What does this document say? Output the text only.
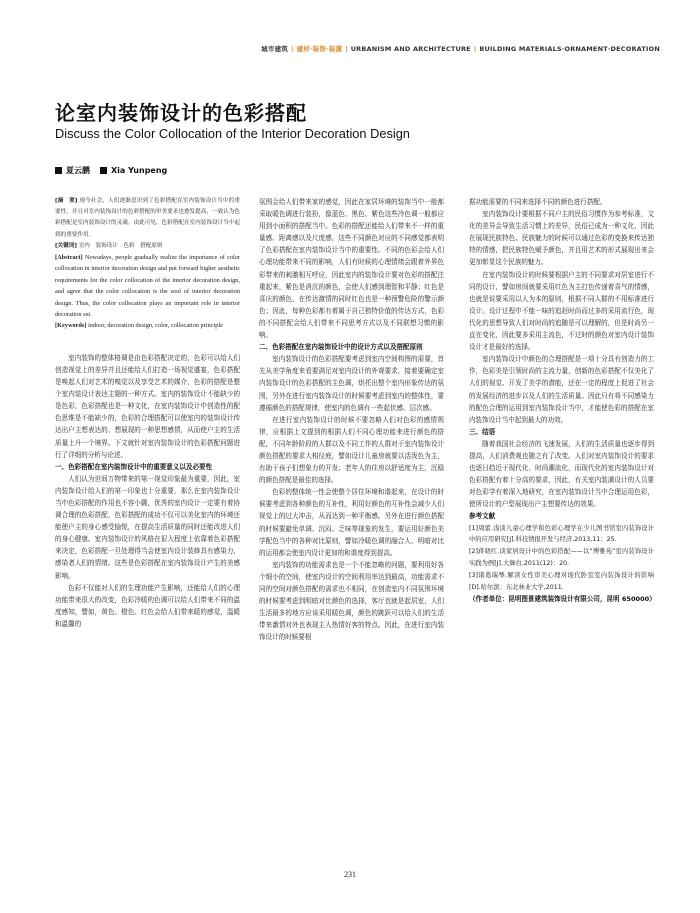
城市建筑 | 建材·装饰·装潢 | URBANISM AND ARCHITECTURE | BUILDING MATERIALS·ORNAMENT·DECORATION
论室内装饰设计的色彩搭配
Discuss the Color Collocation of the Interior Decoration Design
夏云鹏	Xia Yunpeng

[摘　要] 现今社会，人们逐渐意识到了色彩搭配在室内装饰设计当中的重要性，并且对室内装饰设计的色彩搭配的审美要求也愈发提高，一致认为色彩搭配是室内装饰设计的灵魂。由此可见，色彩搭配在室内装饰设计当中起到的重要作用。

[关键词] 室内　装饰设计　色彩　搭配原则

[Abstract] Nowadays, people gradually realize the importance of color collocation in interior decoration design and put forward higher aesthetic requirements for the color collocation of the interior decoration design, and agree that the color collocation is the soul of interior decoration design. Thus, the color collocation plays an important role in interior decoration set.

[Keywords] indoor, decoration design, color, collocation principle

室内装饰的整体格调是由色彩搭配决定的，色彩可以给人们创造视觉上的差异并且还能给人们打造一场视觉盛宴，色彩搭配是唤起人们对艺术的嗅觉以及享受艺术的媒介，色彩的搭配是整个室内装设计表达主题的一种方式。室内的装饰设计不能缺少的是色彩，色彩搭配也是一种文化，在室内装饰设计中创造性的配色思维是不能缺少的，色彩的合理搭配可以使室内的装饰设计传达出户主想表达的、想展现的一种思想感情，从而使户主的生活质量上升一个境界。下文就针对室内装饰设计的色彩搭配问题进行了详细的分析与论述。

一、色彩搭配在室内装饰设计中的重要意义以及必要性

人们认为世间万物带来的第一视觉印象最为重要，因此，室内装饰设计给人们的第一印象也十分重要，那么在室内装饰设计当中色彩搭配的作用也不容小觑，优秀的室内设计一定要有着协调合理的色彩搭配，色彩搭配的成功不仅可以美化室内的环境还能使户主的身心感受愉悦，在提高生活质量的同时还能改进人们的身心健康。室内装饰设计的风格在很大程度上依靠着色彩搭配来决定，色彩搭配一旦处理得当会使室内设计装修具有感染力，感染者人们的情绪。这些是色彩搭配在室内装饰设计产生的美感影响。

色彩不仅能对人们的生理功能产生影响，还能给人们的心理功能带来很大的改变，色彩冷暖的色调可以给人们带来不同的温度感知，譬如，黄色、橙色、红色会给人们带来暖的感觉，温暖和温馨的

氛围会给人们带来家的感觉，因此在家居环境的装饰当中一般都采取暖色调进行装扮，像蓝色、黑色、紫色这些冷色调一般都应用到小面积的搭配当中。色彩的搭配还能给人们带来不一样的重量感、距离感以及尺度感，这些不同颜色对应的不同感觉都表明了色彩搭配在室内装饰设计当中的重要性。不同的色彩会给人们心理功能带来不同的影响，人们有时候的心理情绪会跟着外界色彩带来的刺激相互呼应，因此室内的装饰设计要对色彩的搭配注重起来，紫色是消沉的颜色，会使人们感到理智和平静；红色是喜庆的颜色，在传达激情的同时红色也是一种预警危险的警示颜色；因此，每种色彩都有着属于自己独特价值的传达方式，色彩的不同搭配会给人们带来不同思考方式以及不同联想习惯的影响。

二、色彩搭配在室内装饰设计中的设计方式以及搭配原则

室内装饰设计的色彩搭配要考虑到室内空间构图的需要，首先从美学角度来看要满足对室内设计的外观要求，接着要确定室内装饰设计的色彩搭配的主色调，烘托出整个室内形象传达的氛围，另外在进行室内装饰设计的时候要考虑到室内的整体性，要遵循颜色的搭配规律，使室内的色调有一些起伏感、层次感。

在进行室内装饰设计的时候不要忽略人们对色彩的感情规律，应根据上文提到的根据人们不同心理功能来进行颜色的搭配，不同年龄阶段的人群以及不同工作的人群对于室内装饰设计颜色搭配的要求大相径庭，譬如设计儿童房就要以活泼色为主，有助于孩子们想象力的开发；老年人的住房以舒适度为主，沉稳的颜色搭配是最佳的选择。

色彩的整体统一性会使整个居住环境和谐起来，在设计的时候要考虑到各种颜色的互补性，利用好颜色的互补性会减少人们视觉上的过大冲击，从而达到一种平衡感。另外在进行颜色搭配的时候要避免单调、沉闷、乏味等现象的发生，要运用好颜色美学配色当中的各种对比原则，譬如冷暖色调的融合人、明暗对比的运用都会使室内设计更加的和谐度得到提高。

室内装饰的功能需求也是一个不能忽略的问题，要利用好各个细小的空间，使室内设计的空间利用率达到最高，功能需求不同的空间对颜色搭配的需求也不相同，在创造室内不同氛围环境的时候要考虑到明暗对比颜色的选择，客厅也就是起居室，人们生活最多的地方应该采用暖色调，颜色的跳跃可以给人们的生活带来激情对外也表现主人热情好客的特点。因此，在进行室内装饰设计的时候要根

据功能需要的不同来选择不同的颜色进行搭配。

室内装饰设计要根据不同户主的民俗习惯作为参考标准，文化的差异会导致生活习惯上的差异，民俗已成为一种文化，因此在展现民族特色、民族魅力的时候可以通过色彩的变换来传达独特的情感，把民族特色赋予颜色，并且用艺术的形式展现出来会更加彰显这个民族的魅力。

在室内装饰设计的时候要根据户主的不同要求对居室进行不同的设计，譬如房间就要采用红色为主打色传递着喜气的情感，也就是说要采用以人为本的原则，根据不同人群的不用标准进行设计。设计过程中不能一味的追赶时尚而过多的采用流行色，现代化的思想导致人们对时尚的追随是可以理解的，但是时尚另一直在变化，因此要多采用主流色，不过时的颜色对室内设计装饰设计才是最好的选择。

室内装饰设计中颜色的合理搭配是一项十分具有创造力的工作，色彩美是引领时尚的主流力量，创新的色彩搭配不仅美化了人们的视觉、开发了美学的潜能，还在一定的程度上促进了社会的发展经济的进步以及人们的生活质量。因此只有将不同感染力的配色合理的运用到室内装饰设计当中，才能使色彩的搭配在室内装饰设计当中起到最大的功效。

三、结语

随着我国社会经济的飞速发展，人们的生活质量也逐步得到提高，人们消费观也随之有了改变。人们对室内装饰设计的要求也逐日趋近于现代化、时尚潮流化，而现代化的室内装饰设计对色彩搭配有着十分高的要求，因此，有关室内装潢设计的人员要对色彩学有着深入地研究，在室内装饰设计当中合理运用色彩，使所设计的户型展现出户主想要传达的效果。

参考文献

[1]周蕾.浅谈儿童心理学和色彩心理学在少儿图书馆室内装饰设计中的应用研究[J].科技情报开发与经济,2013,11：25.

[2]蒋晓红.谈家居设计中的色彩搭配——以“博雅苑”室内装饰设计实践为例[J].大舞台,2011(12)：20.

[3]诸葛瑞琴.解读女性审美心理对现代卧室室内装饰设计的影响[D].哈尔滨：东北林业大学,2011.

（作者单位：昆明图景建筑装饰设计有限公司，昆明 650000）

231
